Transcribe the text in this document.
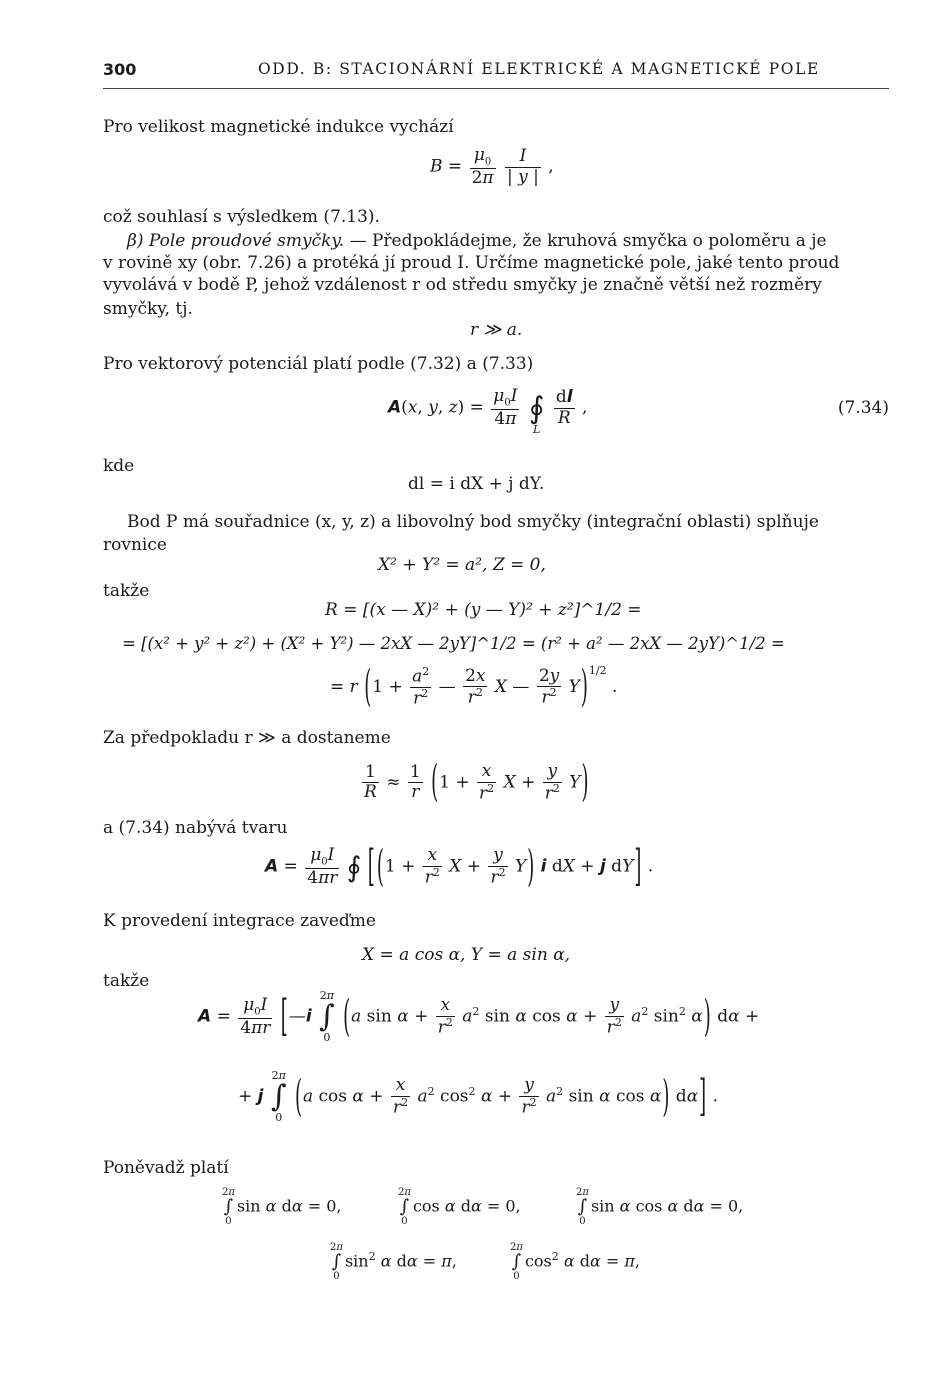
300	ODD. B: STACIONÁRNÍ ELEKTRICKÉ A MAGNETICKÉ POLE
Pro velikost magnetické indukce vychází
$B = \frac{\mu_0}{2\pi}$
$\frac{I}{| y |}$ ,
což souhlasí s výsledkem (7.13).
β) Pole proudové smyčky. — Předpokládejme, že kruhová smyčka o poloměru a je
v rovině xy (obr. 7.26) a protéká jí proud I. Určíme magnetické pole, jaké tento proud
vyvolává v bodě P, jehož vzdálenost r od středu smyčky je značně větší než rozměry
smyčky, tj.
r ≫ a.
Pro vektorový potenciál platí podle (7.32) a (7.33)
A(x, y, $z) = \frac{\mu_0I}{4\pi}$
∮
L

$\frac{dl}{R}$ ,	(7.34)
kde
dl = i dX + j dY.
Bod P má souřadnice (x, y, z) a libovolný bod smyčky (integrační oblasti) splňuje
rovnice
X² + Y² = a², Z = 0,
takže
R = [(x — X)² + (y — Y)² + z²]^1/2 =
= [(x² + y² + z²) + (X² + Y²) — 2xX — 2yY]^1/2 = (r² + a² — 2xX — 2yY)^1/2 =
= r ($1 + \frac{a^2}{r^2}$ — $\frac{2x}{r^2}$ X — $\frac{2y}{r^2} Y)^{1/2}$ .
Za předpokladu r ≫ a dostaneme
$\frac{1}{R} \approx \frac{1}{r} (1 + \frac{x}{r^2}$ $X + \frac{y}{r^2} Y$)
a (7.34) nabývá tvaru
$A = \frac{\mu_0I}{4\pi r}$ ∮ [ ($1 + \frac{x}{r^2}$ $X + \frac{y}{r^2} Y$) i dX + j dY] .
K provedení integrace zaveďme
X = a cos α, Y = a sin α,
takže
$A = \frac{\mu_0I}{4\pi r}$ [—i
2π
∫
0 (a $\sin \alpha + \frac{x}{r^2} a^2$ sin α $\cos \alpha + \frac{y}{r^2} a^2$ $\sin^2 \alpha$) dα +
+ j
2π
∫
0 (a $\cos \alpha + \frac{x}{r^2} a^2$ $\cos^2 \alpha + \frac{y}{r^2} a^2$ sin α cos α) dα] .
Poněvadž platí
2π
∫
0
sin α dα = 0,
2π
∫
0
cos α dα = 0,
2π
∫
0
sin α cos α dα = 0,
2π
∫
0
$\sin^2 \alpha$ dα = π,
2π
∫
0
$\cos^2 \alpha$ dα = π,
